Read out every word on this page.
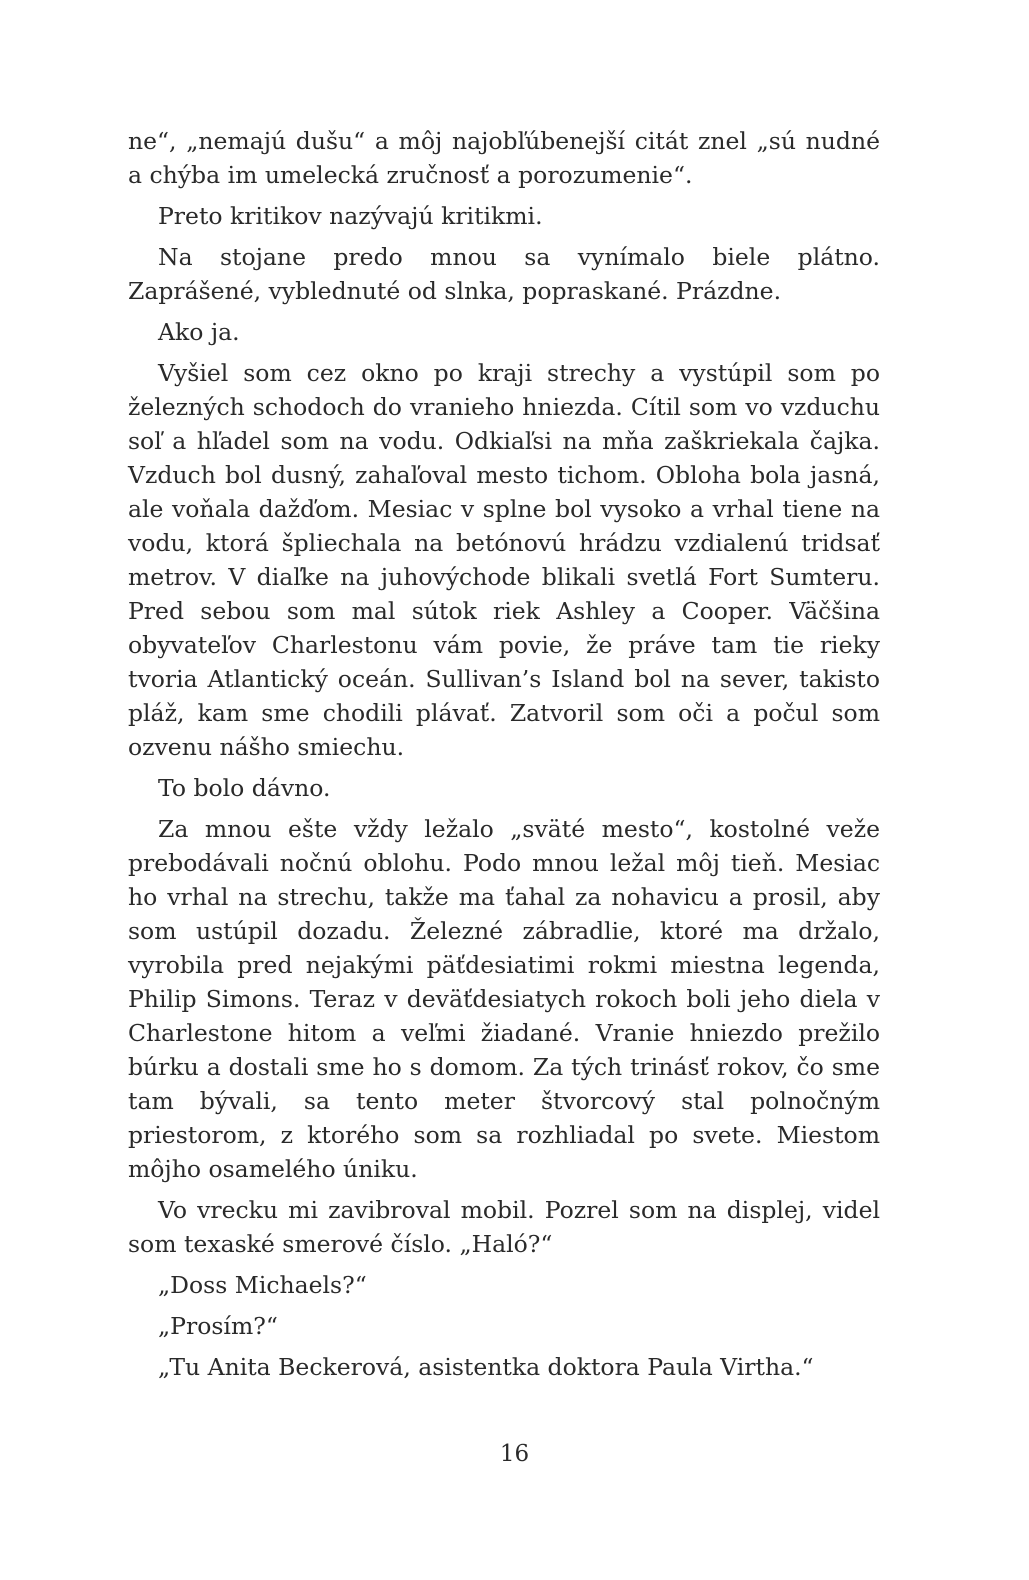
ne“, „nemajú dušu“ a môj najobľúbenejší citát znel „sú nudné a chýba im umelecká zručnosť a porozumenie“.

Preto kritikov nazývajú kritikmi.

Na stojane predo mnou sa vynímalo biele plátno. Zaprášené, vyblednuté od slnka, popraskané. Prázdne.

Ako ja.

Vyšiel som cez okno po kraji strechy a vystúpil som po železných schodoch do vranieho hniezda. Cítil som vo vzduchu soľ a hľadel som na vodu. Odkiaľsi na mňa zaškriekala čajka. Vzduch bol dusný, zahaľoval mesto tichom. Obloha bola jasná, ale voňala dažďom. Mesiac v splne bol vysoko a vrhal tiene na vodu, ktorá špliechala na betónovú hrádzu vzdialenú tridsať metrov. V diaľke na juhovýchode blikali svetlá Fort Sumteru. Pred sebou som mal sútok riek Ashley a Cooper. Väčšina obyvateľov Charlestonu vám povie, že práve tam tie rieky tvoria Atlantický oceán. Sullivan’s Island bol na sever, takisto pláž, kam sme chodili plávať. Zatvoril som oči a počul som ozvenu nášho smiechu.

To bolo dávno.

Za mnou ešte vždy ležalo „sväté mesto“, kostolné veže prebodávali nočnú oblohu. Podo mnou ležal môj tieň. Mesiac ho vrhal na strechu, takže ma ťahal za nohavicu a prosil, aby som ustúpil dozadu. Železné zábradlie, ktoré ma držalo, vyrobila pred nejakými päťdesiatimi rokmi miestna legenda, Philip Simons. Teraz v deväťdesiatych rokoch boli jeho diela v Charlestone hitom a veľmi žiadané. Vranie hniezdo prežilo búrku a dostali sme ho s domom. Za tých trinásť rokov, čo sme tam bývali, sa tento meter štvorcový stal polnočným priestorom, z ktorého som sa rozhliadal po svete. Miestom môjho osamelého úniku.

Vo vrecku mi zavibroval mobil. Pozrel som na displej, videl som texaské smerové číslo. „Haló?“

„Doss Michaels?“

„Prosím?“

„Tu Anita Beckerová, asistentka doktora Paula Virtha.“

16
